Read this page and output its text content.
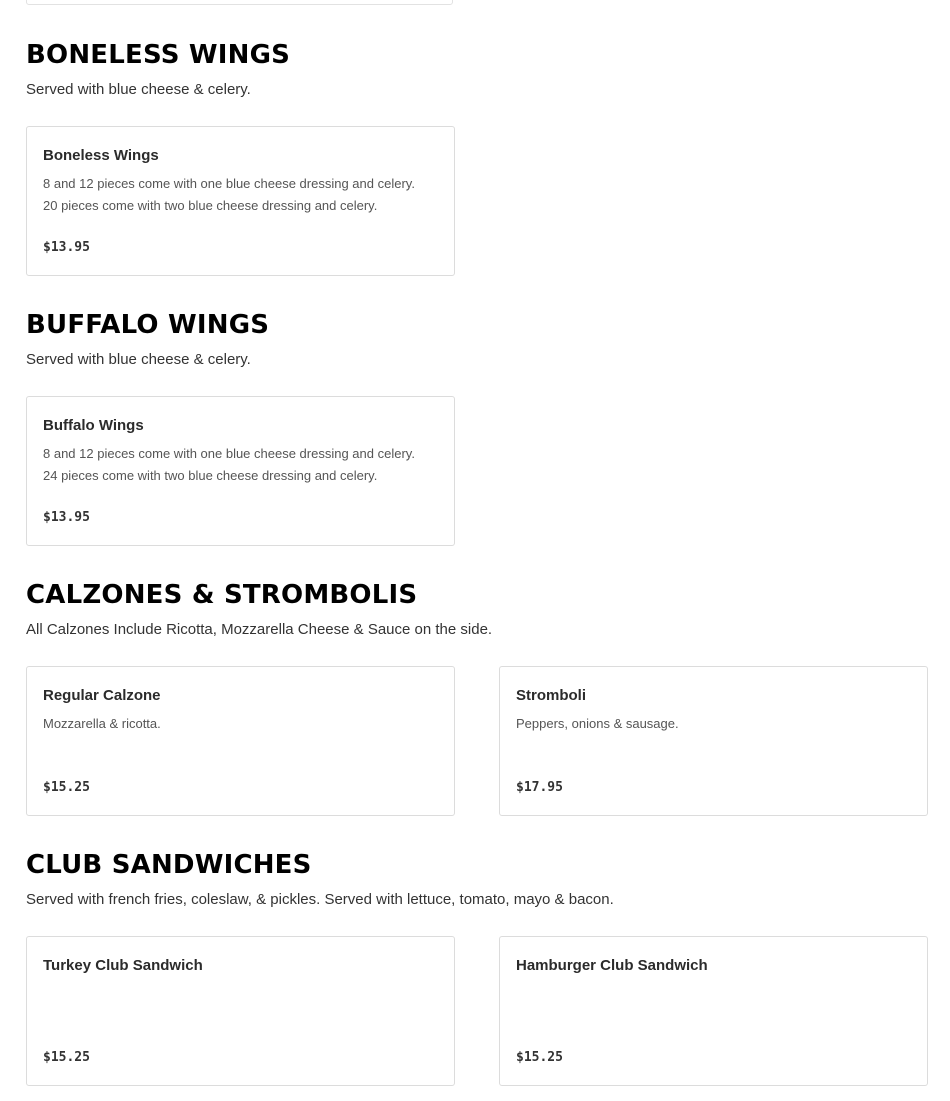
BONELESS WINGS

Served with blue cheese & celery.

Boneless Wings
8 and 12 pieces come with one blue cheese dressing and celery. 20 pieces come with two blue cheese dressing and celery.
$13.95
BUFFALO WINGS

Served with blue cheese & celery.

Buffalo Wings
8 and 12 pieces come with one blue cheese dressing and celery. 24 pieces come with two blue cheese dressing and celery.
$13.95
CALZONES & STROMBOLIS

All Calzones Include Ricotta, Mozzarella Cheese & Sauce on the side.

Regular Calzone
Mozzarella & ricotta.
$15.25
Stromboli
Peppers, onions & sausage.
$17.95
CLUB SANDWICHES

Served with french fries, coleslaw, & pickles. Served with lettuce, tomato, mayo & bacon.

Turkey Club Sandwich
$15.25
Hamburger Club Sandwich
$15.25
